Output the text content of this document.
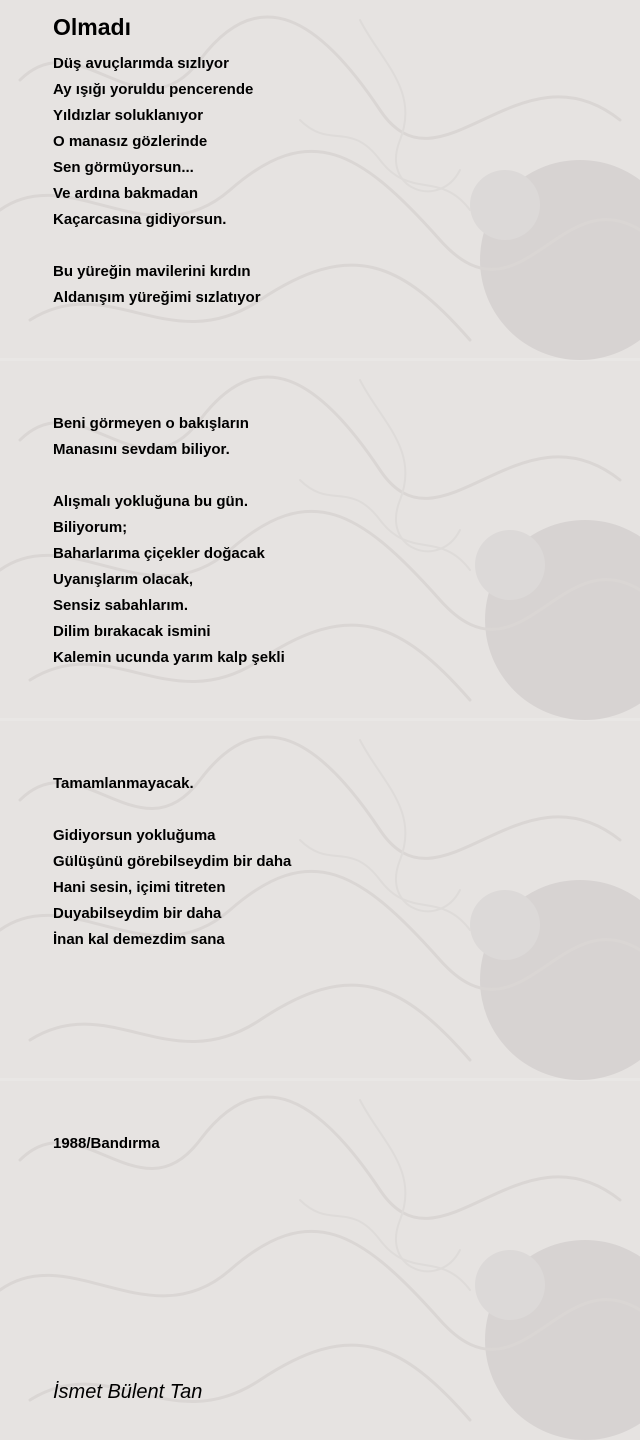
Olmadı
Düş avuçlarımda sızlıyor
Ay ışığı yoruldu pencerende
Yıldızlar soluklanıyor
O manasız gözlerinde
Sen görmüyorsun...
Ve ardına bakmadan
Kaçarcasına gidiyorsun.
Bu yüreğin mavilerini kırdın
Aldanışım yüreğimi sızlatıyor
Beni görmeyen o bakışların
Manasını sevdam biliyor.
Alışmalı yokluğuna bu gün.
Biliyorum;
Baharlarıma çiçekler doğacak
Uyanışlarım olacak,
Sensiz sabahlarım.
Dilim bırakacak ismini
Kalemin ucunda yarım kalp şekli
Tamamlanmayacak.
Gidiyorsun yokluğuma
Gülüşünü görebilseydim bir daha
Hani sesin, içimi titreten
Duyabilseydim bir daha
İnan kal demezdim sana
1988/Bandırma
İsmet Bülent Tan
